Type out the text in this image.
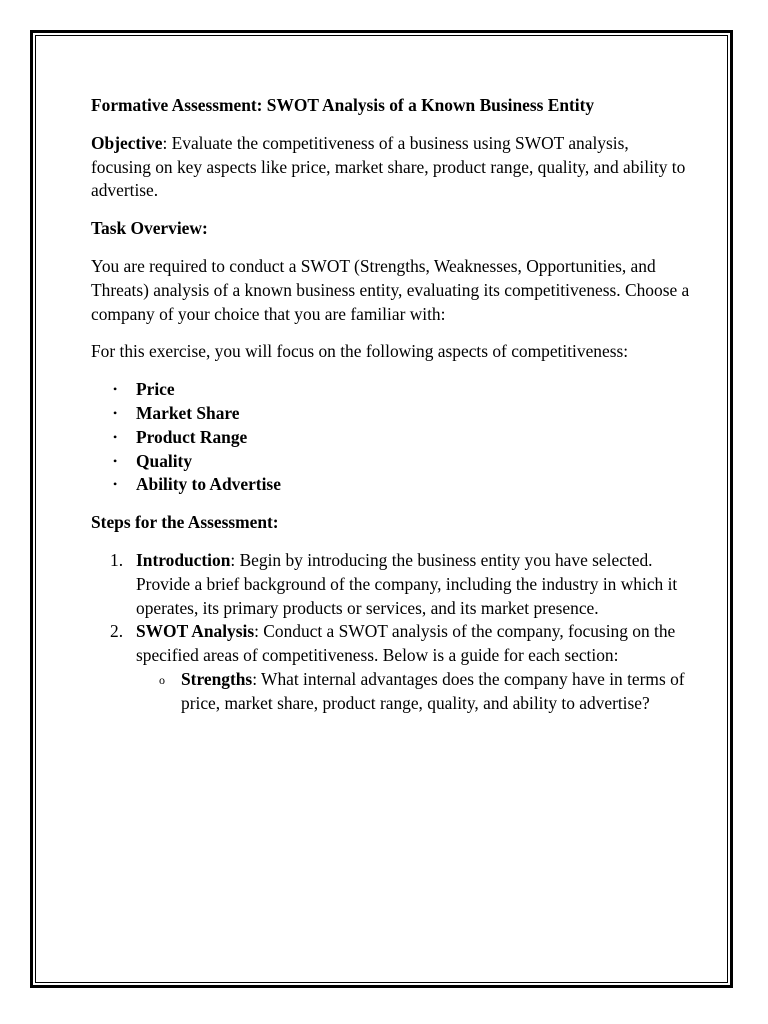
Formative Assessment: SWOT Analysis of a Known Business Entity

Objective: Evaluate the competitiveness of a business using SWOT analysis, focusing on key aspects like price, market share, product range, quality, and ability to advertise.

Task Overview:

You are required to conduct a SWOT (Strengths, Weaknesses, Opportunities, and Threats) analysis of a known business entity, evaluating its competitiveness. Choose a company of your choice that you are familiar with:

For this exercise, you will focus on the following aspects of competitiveness:

• Price
• Market Share
• Product Range
• Quality
• Ability to Advertise

Steps for the Assessment:

1. Introduction: Begin by introducing the business entity you have selected. Provide a brief background of the company, including the industry in which it operates, its primary products or services, and its market presence.
2. SWOT Analysis: Conduct a SWOT analysis of the company, focusing on the specified areas of competitiveness. Below is a guide for each section:
o Strengths: What internal advantages does the company have in terms of price, market share, product range, quality, and ability to advertise?
